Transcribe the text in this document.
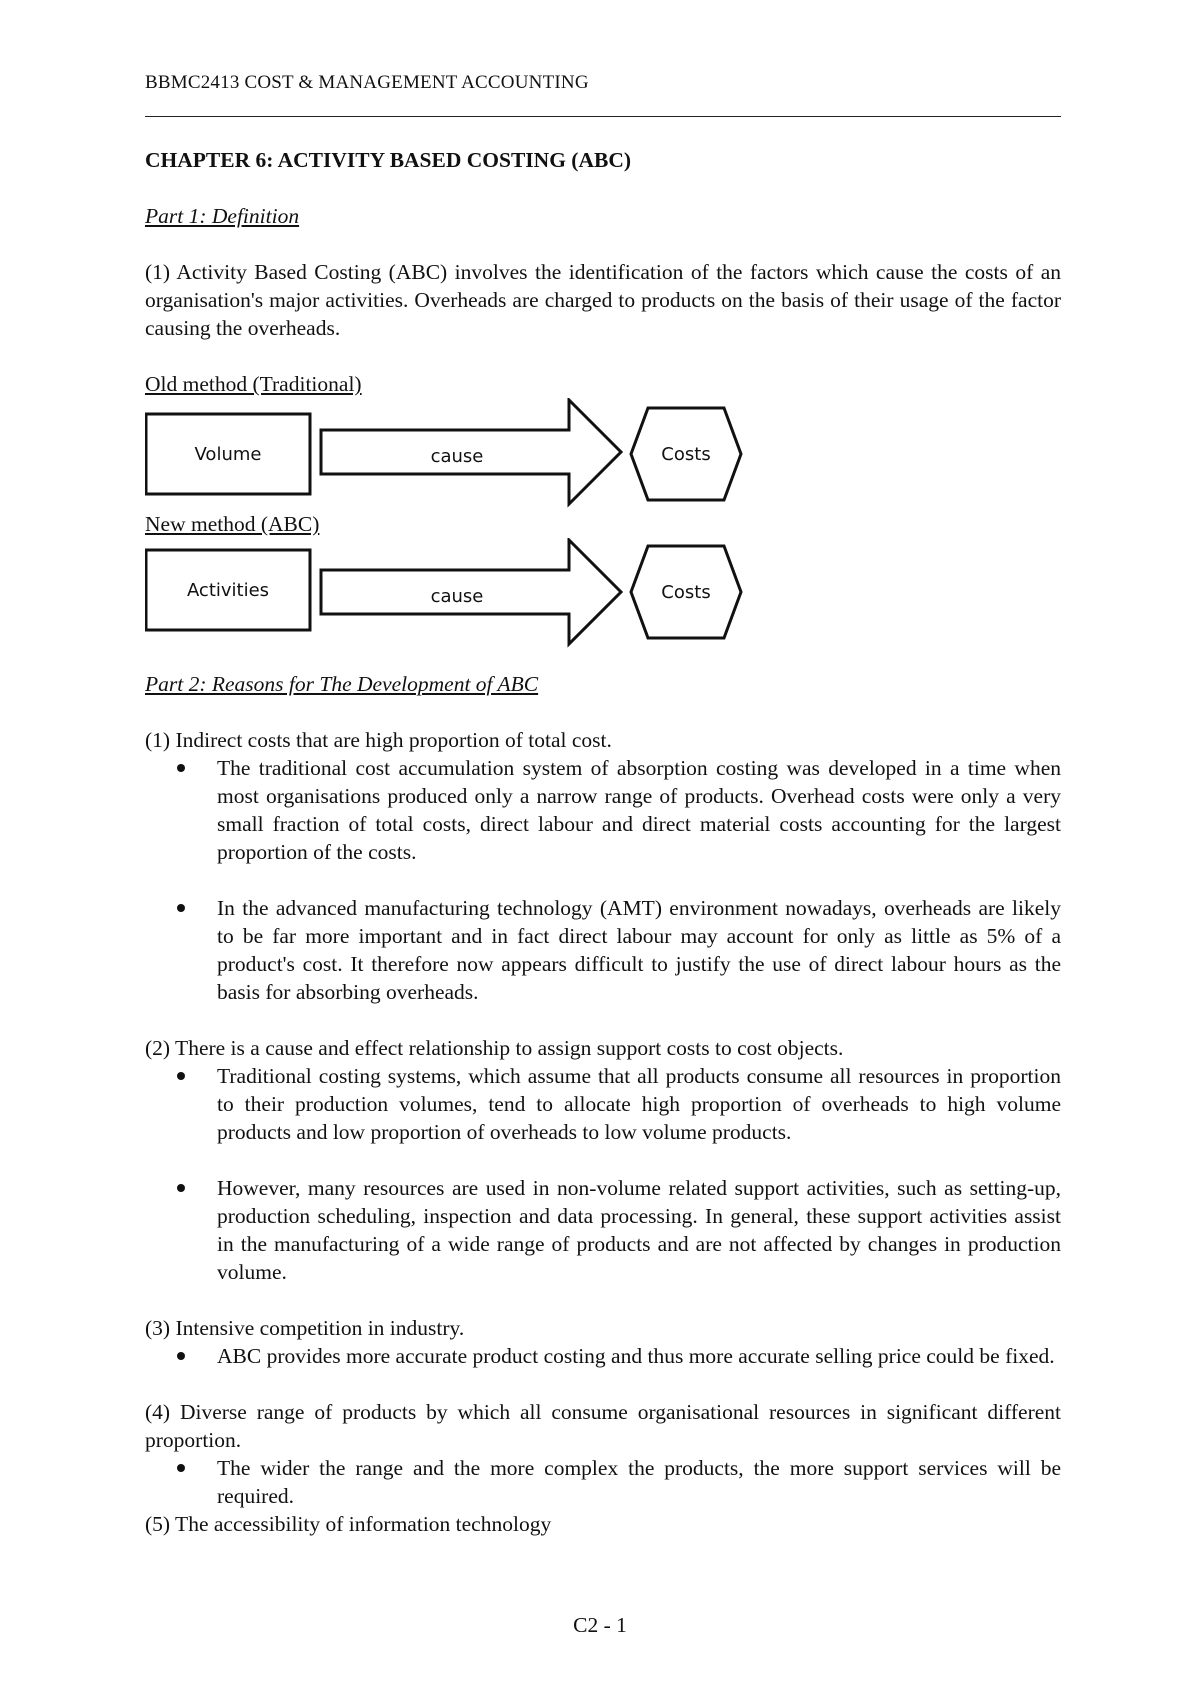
BBMC2413 COST & MANAGEMENT ACCOUNTING
CHAPTER 6: ACTIVITY BASED COSTING (ABC)

Part 1: Definition

(1) Activity Based Costing (ABC) involves the identification of the factors which cause the costs of an organisation's major activities. Overheads are charged to products on the basis of their usage of the factor causing the overheads.

Old method (Traditional)

Volume	cause	Costs

New method (ABC)

Activities	cause	Costs

Part 2: Reasons for The Development of ABC

(1) Indirect costs that are high proportion of total cost.

The traditional cost accumulation system of absorption costing was developed in a time when most organisations produced only a narrow range of products. Overhead costs were only a very small fraction of total costs, direct labour and direct material costs accounting for the largest proportion of the costs.
In the advanced manufacturing technology (AMT) environment nowadays, overheads are likely to be far more important and in fact direct labour may account for only as little as 5% of a product's cost. It therefore now appears difficult to justify the use of direct labour hours as the basis for absorbing overheads.

(2) There is a cause and effect relationship to assign support costs to cost objects.

Traditional costing systems, which assume that all products consume all resources in proportion to their production volumes, tend to allocate high proportion of overheads to high volume products and low proportion of overheads to low volume products.
However, many resources are used in non-volume related support activities, such as setting-up, production scheduling, inspection and data processing. In general, these support activities assist in the manufacturing of a wide range of products and are not affected by changes in production volume.

(3) Intensive competition in industry.

ABC provides more accurate product costing and thus more accurate selling price could be fixed.

(4) Diverse range of products by which all consume organisational resources in significant different proportion.

The wider the range and the more complex the products, the more support services will be required.

(5) The accessibility of information technology

C2 - 1
